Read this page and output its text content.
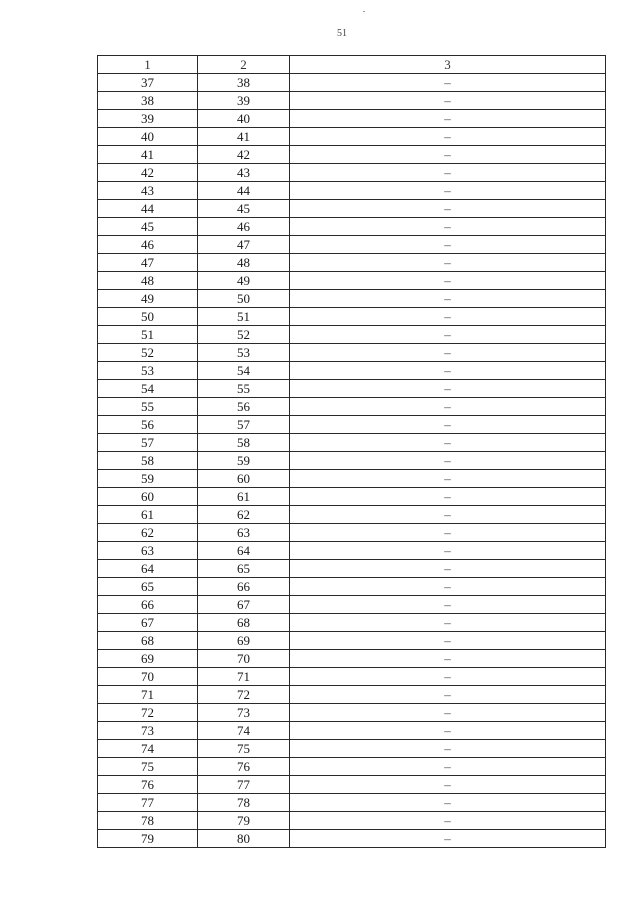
51
1	2	3
37	38	–
38	39	–
39	40	–
40	41	–
41	42	–
42	43	–
43	44	–
44	45	–
45	46	–
46	47	–
47	48	–
48	49	–
49	50	–
50	51	–
51	52	–
52	53	–
53	54	–
54	55	–
55	56	–
56	57	–
57	58	–
58	59	–
59	60	–
60	61	–
61	62	–
62	63	–
63	64	–
64	65	–
65	66	–
66	67	–
67	68	–
68	69	–
69	70	–
70	71	–
71	72	–
72	73	–
73	74	–
74	75	–
75	76	–
76	77	–
77	78	–
78	79	–
79	80	–
